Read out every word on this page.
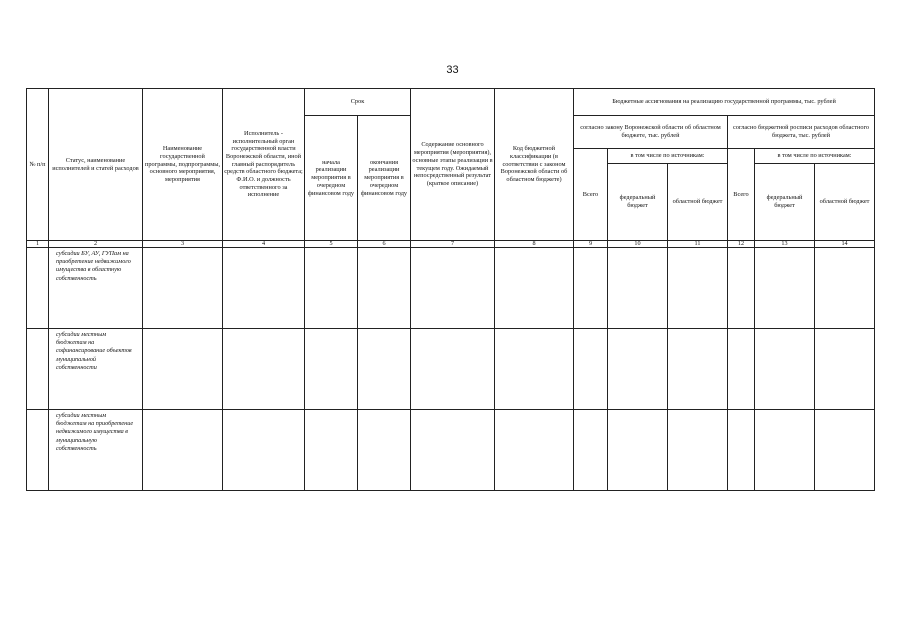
33
№ п/п	Статус, наименование исполнителей и статей расходов	Наименование государственной программы, подпрограммы, основного мероприятия, мероприятия	Исполнитель - исполнительный орган государственной власти Воронежской области, иной главный распорядитель средств областного бюджета; Ф.И.О. и должность ответственного за исполнение	Срок		Содержание основного мероприятия (мероприятия), основные этапы реализации в текущем году. Ожидаемый непосредственный результат (краткое описание)	Код бюджетной классификации (в соответствии с законом Воронежской области об областном бюджете)	Бюджетные ассигнования на реализацию государственной программы, тыс. рублей					
				начала реализации мероприятия в очередном финансовом году	окончания реализации мероприятия в очередном финансовом году			согласно закону Воронежской области об областном бюджете, тыс. рублей			согласно бюджетной росписи расходов областного бюджета, тыс. рублей		
								Всего	в том числе по источникам:		Всего	в том числе по источникам:	
									федеральный бюджет	областной бюджет		федеральный бюджет	областной бюджет
1	2	3	4	5	6	7	8	9	10	11	12	13	14
	субсидии БУ, АУ, ГУПам на приобретение недвижимого имущества в областную собственность												
	субсидии местным бюджетам на софинансирование объектов муниципальной собственности												
	субсидии местным бюджетам на приобретение недвижимого имущества в муниципальную собственность												
